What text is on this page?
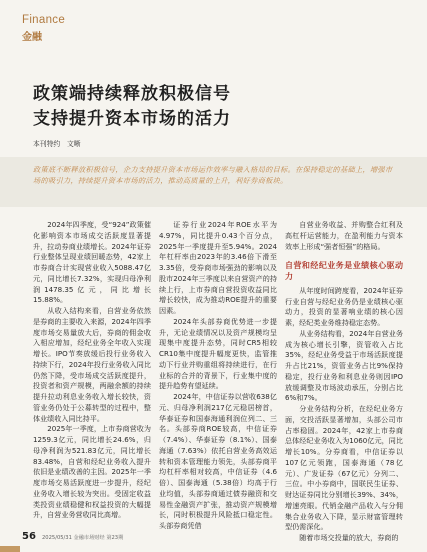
Finance
金融
政策端持续释放积极信号
支持提升资本市场的活力
本刊特约　文晰
政策底不断释放积极信号，企力支持提升资本市场运作效率与融入格局的目标。在保持稳定的基础上，增强市场的吸引力，持续提升资本市场的活力，推动高质量的上升，利好券商板块。

2024年四季度，受“924”政策催化影响资本市场成交活跃度显著提升，拉动券商业绩增长。2024年证券行业整体呈现业绩回暖态势，42家上市券商合计实现营业收入5088.47亿元，同比增长7.32%，实现归母净利润1478.35亿元，同比增长15.88%。

从收入结构来看，自营业务依然是券商的主要收入来源，2024年四季度市场交易量放大后，券商的佣金收入相应增加，经纪业务全年收入实现增长。IPO节奏放缓后投行业务收入持续下行，2024年投行业务收入同比仍然下降，受市场成交活跃度提升，投资者和资产规模，两融余额的持续提升拉动利息业务收入增长较快，资管业务仍处于公募转型的过程中，整体业绩收入同比持平。

2025年一季度，上市券商营收为1259.3亿元，同比增长24.6%，归母净利润为521.83亿元，同比增长83.48%，自营和经纪业务收入提升依旧是业绩改善的主因。2025年一季度市场交易活跃度进一步提升，经纪业务收入增长较为突出。受固定收益类投资业绩稳健和权益投资的大幅提升，自营业务营收同比高增。

证券行业2024年ROE水平为4.97%，同比提升0.43个百分点，2025年一季度提升至5.94%。2024年杠杆率由2023年的3.46倍下滑至3.35倍，受券商市场强劲的影响以及股市2024年三季度以来自营资产的持续上行，上市券商自营投资收益同比增长较快，成为推动ROE提升的重要因素。

2024年头部券商优势进一步提升，无论业绩情况以及资产规模均呈现集中度提升态势，同时CR5相较CR10集中度提升幅度更快，监管推动下行业并购重组将持续进行，在行业标的合并的背景下，行业集中度的提升趋势有望延续。

2024年，中信证券以营收638亿元、归母净利润217亿元稳居榜首，华泰证券和国泰海通利润位列二、三名。头部券商ROE较高，中信证券（7.4%）、华泰证券（8.1%）、国泰海通（7.63%）依托自营业务高效运转和资本管理能力领先，头部券商平均杠杆率相对较高，中信证券（4.6倍）、国泰海通（5.38倍）均高于行业均值，头部券商通过债券融资和交易性金融资产扩张，推动资产规模增长，同时积极提升风险抵口稳定性。头部券商凭借

自营业务收益、并购整合红利及高杠杆运营能力，在盈利能力与资本效率上形成“强者恒强”的格局。

自营和经纪业务是业绩核心驱动力

从年度时间跨度看，2024年证券行业自营与经纪业务仍是业绩核心驱动力，投资的显著响业绩的核心因素，经纪类业务维持稳定态势。

从业务结构看，2024年自营业务成为核心增长引擎，资管收入占比35%，经纪业务受益于市场活跃度提升占比21%，资管业务占比9%保持稳定，投行业务和利息业务则因IPO放缓调整及市场波动承压，分别占比6%和7%。

分业务结构分析，在经纪业务方面，交投活跃显著增加，头部公司市占率稳固。2024年，42家上市券商总体经纪业务收入为1060亿元，同比增长10%。分券商看，中信证券以107亿元领跑，国泰海通（78亿元）、广发证券（67亿元）分列二、三位。中小券商中，国联民生证券、财达证券同比分别增长39%、34%，增速亮眼。代销金融产品收入与分佣集合业务收入下降，显示财富管理转型仍需深化。

随着市场交投量的放大，券商的

56 2025/05/31 金融市场财经 第23期
